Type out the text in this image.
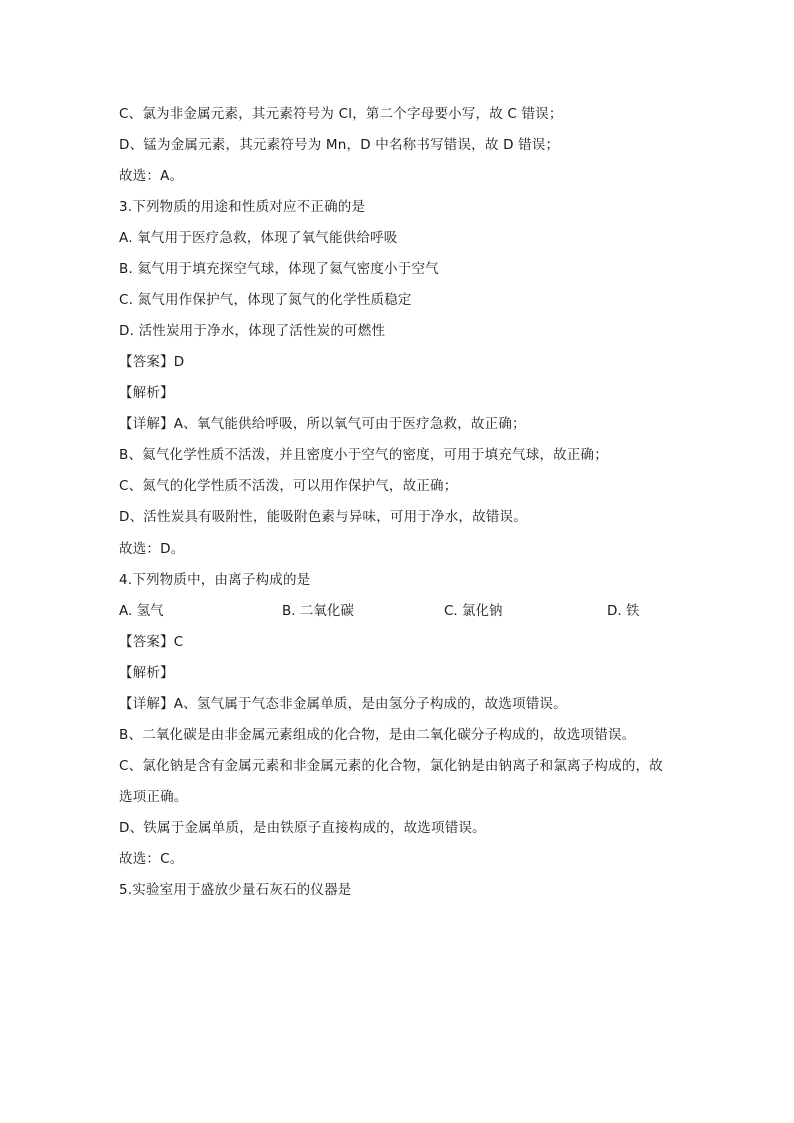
C、氯为非金属元素，其元素符号为 Cl，第二个字母要小写，故 C 错误；
D、锰为金属元素，其元素符号为 Mn，D 中名称书写错误，故 D 错误；
故选：A。
3.下列物质的用途和性质对应不正确的是
A. 氧气用于医疗急救，体现了氧气能供给呼吸
B. 氦气用于填充探空气球，体现了氦气密度小于空气
C. 氮气用作保护气，体现了氮气的化学性质稳定
D. 活性炭用于净水，体现了活性炭的可燃性
【答案】D
【解析】
【详解】A、氧气能供给呼吸，所以氧气可由于医疗急救，故正确；
B、氦气化学性质不活泼，并且密度小于空气的密度，可用于填充气球，故正确；
C、氮气的化学性质不活泼，可以用作保护气，故正确；
D、活性炭具有吸附性，能吸附色素与异味，可用于净水，故错误。
故选：D。
4.下列物质中，由离子构成的是
A. 氢气	B. 二氧化碳	C. 氯化钠	D. 铁
【答案】C
【解析】
【详解】A、氢气属于气态非金属单质，是由氢分子构成的，故选项错误。
B、二氧化碳是由非金属元素组成的化合物，是由二氧化碳分子构成的，故选项错误。
C、氯化钠是含有金属元素和非金属元素的化合物，氯化钠是由钠离子和氯离子构成的，故
选项正确。
D、铁属于金属单质，是由铁原子直接构成的，故选项错误。
故选：C。
5.实验室用于盛放少量石灰石的仪器是
